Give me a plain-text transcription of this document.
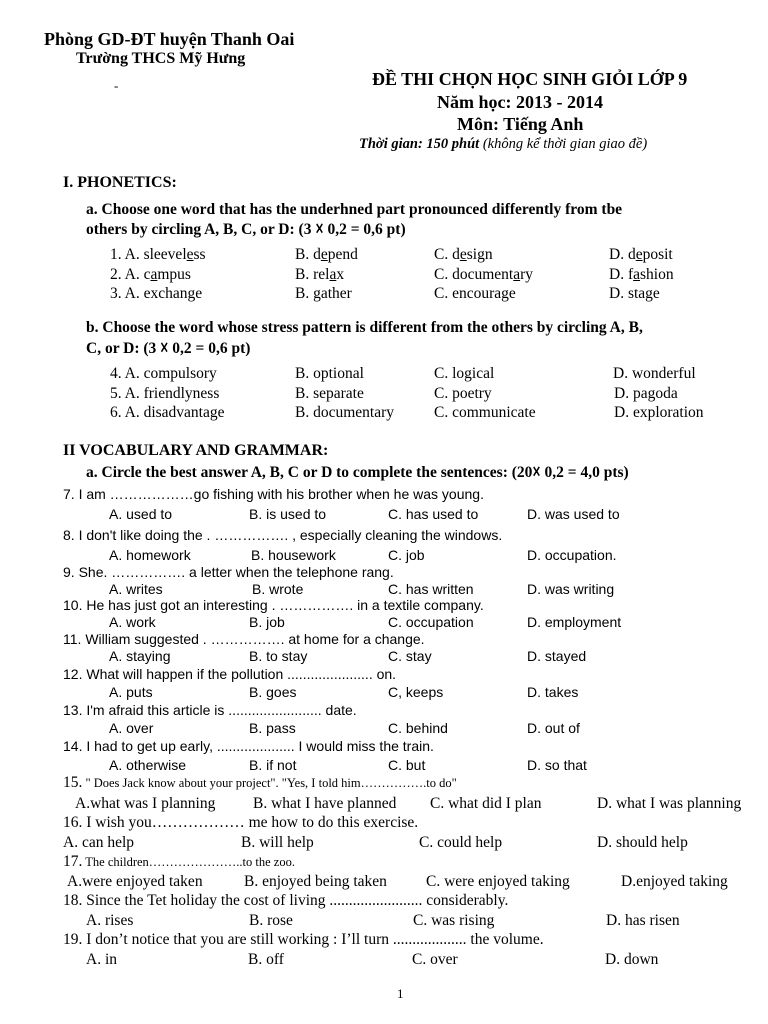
Phòng GD-ĐT huyện Thanh Oai
Trường THCS Mỹ Hưng
-	ĐỀ THI CHỌN HỌC SINH GIỎI LỚP 9
Năm học: 2013 - 2014
Môn: Tiếng Anh
Thời gian: 150 phút (không kể thời gian giao đề)
I. PHONETICS:
a. Choose one word that has the underhned part pronounced differently from tbe
others by circling A, B, C, or D: (3 ☓ 0,2 = 0,6 pt)
1. A. sleeveless	B. depend	C. design	D. deposit
2. A. campus	B. relax	C. documentary	D. fashion
3. A. exchange	B. gather	C. encourage	D. stage
b. Choose the word whose stress pattern is different from the others by circling A, B,
C, or D: (3 ☓ 0,2 = 0,6 pt)
4. A. compulsory	B. optional	C. logical	D. wonderful
5. A. friendlyness	B. separate	C. poetry	D. pagoda
6. A. disadvantage	B. documentary	C. communicate	D. exploration
II VOCABULARY AND GRAMMAR:
a. Circle the best answer A, B, C or D to complete the sentences: (20☓ 0,2 = 4,0 pts)
7. I am ………………go fishing with his brother when he was young.
A. used to	B. is used to	C. has used to	D. was used to
8. I don't like doing the . ……………. , especially cleaning the windows.
A. homework	B. housework	C. job	D. occupation.
9. She. ……………. a letter when the telephone rang.
A. writes	B. wrote	C. has written	D. was writing
10. He has just got an interesting . ……………. in a textile company.
A. work	B. job	C. occupation	D. employment
11. William suggested . ……………. at home for a change.
A. staying	B. to stay	C. stay	D. stayed
12. What will happen if the pollution ...................... on.
A. puts	B. goes	C, keeps	D. takes
13. I'm afraid this article is ........................ date.
A. over	B. pass	C. behind	D. out of
14. I had to get up early, .................... I would miss the train.
A. otherwise	B. if not	C. but	D. so that
15. " Does Jack know about your project". "Yes, I told him…………….to do"
A.what was I planning B. what I have planned C. what did I plan	D. what I was planning
16. I wish you……………… me how to do this exercise.
A. can help	B. will help	C. could help	D. should help
17. The children…………………..to the zoo.
A.were enjoyed taken	B. enjoyed being taken	C. were enjoyed taking	D.enjoyed taking
18. Since the Tet holiday the cost of living ........................ considerably.
A. rises	B. rose	C. was rising	D. has risen
19. I don’t notice that you are still working : I’ll turn ................... the volume.
A. in	B. off	C. over	D. down
1
